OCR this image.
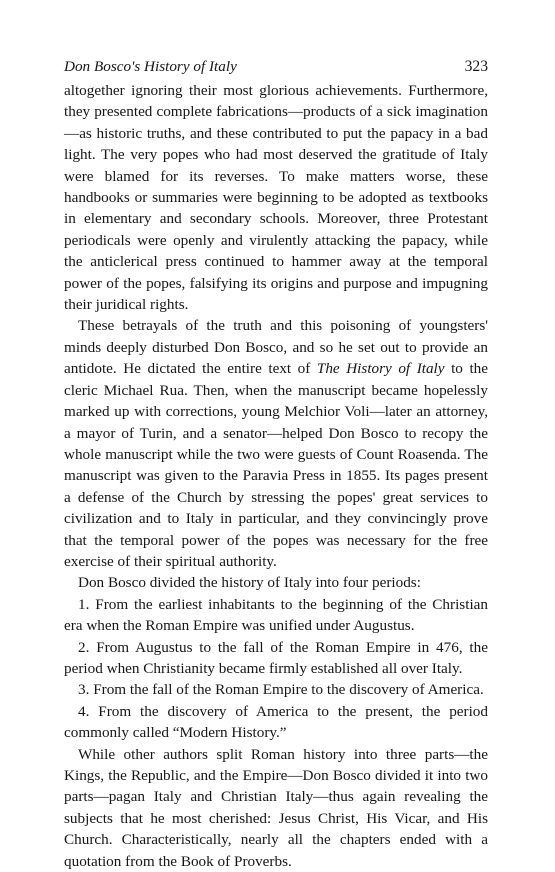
Don Bosco's History of Italy	323

altogether ignoring their most glorious achievements. Furthermore, they presented complete fabrications—products of a sick imagination—as historic truths, and these contributed to put the papacy in a bad light. The very popes who had most deserved the gratitude of Italy were blamed for its reverses. To make matters worse, these handbooks or summaries were beginning to be adopted as textbooks in elementary and secondary schools. Moreover, three Protestant periodicals were openly and virulently attacking the papacy, while the anticlerical press continued to hammer away at the temporal power of the popes, falsifying its origins and purpose and impugning their juridical rights.

These betrayals of the truth and this poisoning of youngsters' minds deeply disturbed Don Bosco, and so he set out to provide an antidote. He dictated the entire text of The History of Italy to the cleric Michael Rua. Then, when the manuscript became hopelessly marked up with corrections, young Melchior Voli—later an attorney, a mayor of Turin, and a senator—helped Don Bosco to recopy the whole manuscript while the two were guests of Count Roasenda. The manuscript was given to the Paravia Press in 1855. Its pages present a defense of the Church by stressing the popes' great services to civilization and to Italy in particular, and they convincingly prove that the temporal power of the popes was necessary for the free exercise of their spiritual authority.

Don Bosco divided the history of Italy into four periods:

1. From the earliest inhabitants to the beginning of the Christian era when the Roman Empire was unified under Augustus.

2. From Augustus to the fall of the Roman Empire in 476, the period when Christianity became firmly established all over Italy.

3. From the fall of the Roman Empire to the discovery of America.

4. From the discovery of America to the present, the period commonly called “Modern History.”

While other authors split Roman history into three parts—the Kings, the Republic, and the Empire—Don Bosco divided it into two parts—pagan Italy and Christian Italy—thus again revealing the subjects that he most cherished: Jesus Christ, His Vicar, and His Church. Characteristically, nearly all the chapters ended with a quotation from the Book of Proverbs.
